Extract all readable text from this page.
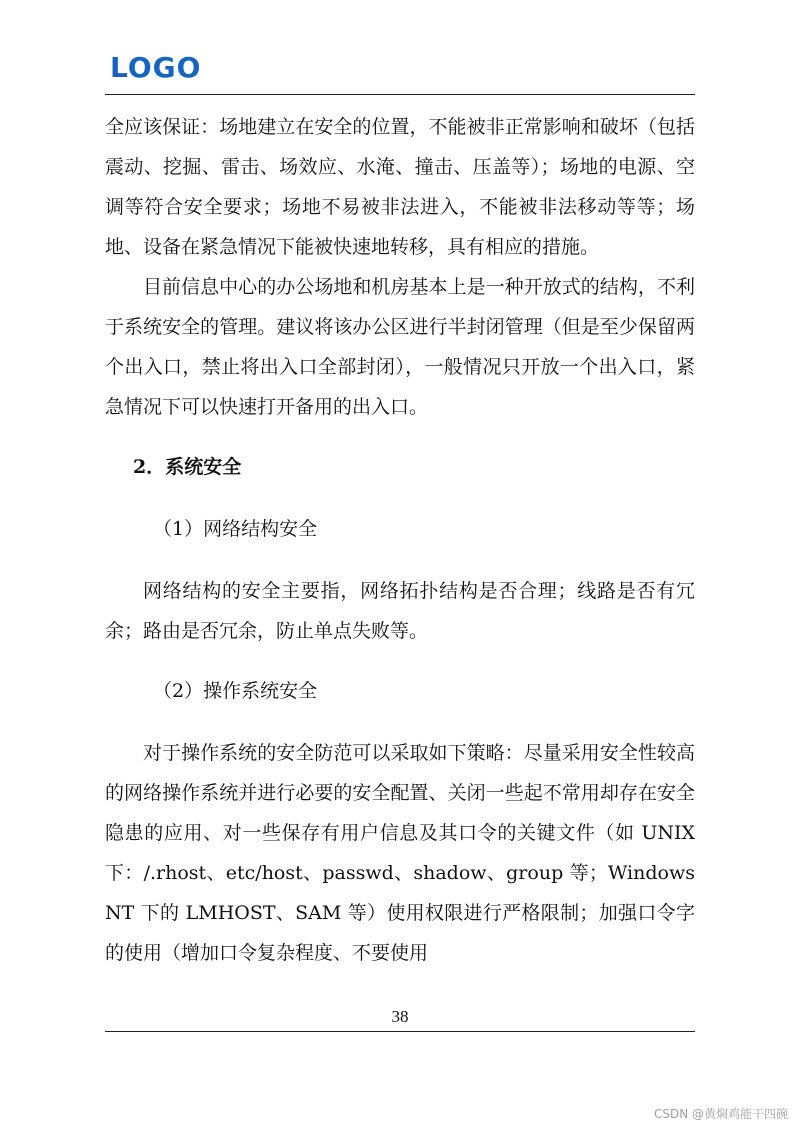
LOGO

全应该保证：场地建立在安全的位置，不能被非正常影响和破坏（包括震动、挖掘、雷击、场效应、水淹、撞击、压盖等）；场地的电源、空调等符合安全要求；场地不易被非法进入，不能被非法移动等等；场地、设备在紧急情况下能被快速地转移，具有相应的措施。

目前信息中心的办公场地和机房基本上是一种开放式的结构，不利于系统安全的管理。建议将该办公区进行半封闭管理（但是至少保留两个出入口，禁止将出入口全部封闭），一般情况只开放一个出入口，紧急情况下可以快速打开备用的出入口。

2．系统安全

（1）网络结构安全

网络结构的安全主要指，网络拓扑结构是否合理；线路是否有冗余；路由是否冗余，防止单点失败等。

（2）操作系统安全

对于操作系统的安全防范可以采取如下策略：尽量采用安全性较高的网络操作系统并进行必要的安全配置、关闭一些起不常用却存在安全隐患的应用、对一些保存有用户信息及其口令的关键文件（如 UNIX 下：/.rhost、etc/host、passwd、shadow、group 等；Windows NT 下的 LMHOST、SAM 等）使用权限进行严格限制；加强口令字的使用（增加口令复杂程度、不要使用

38
CSDN @黄焖鸡能干四碗
